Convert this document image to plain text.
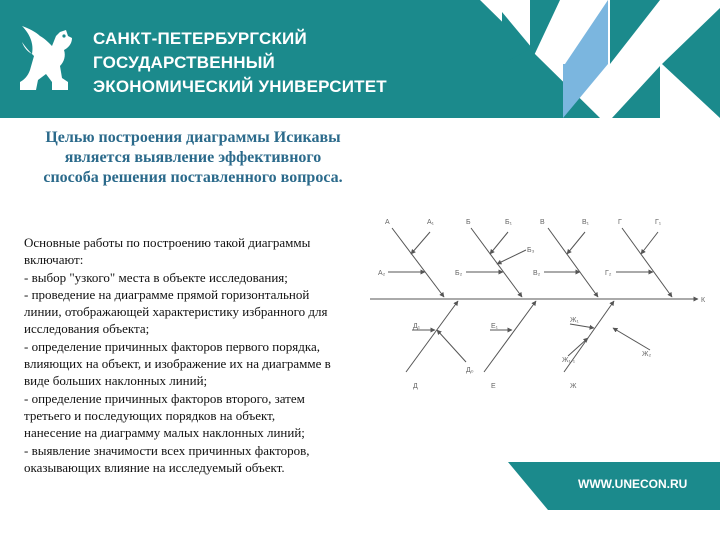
САНКТ-ПЕТЕРБУРГСКИЙ
ГОСУДАРСТВЕННЫЙ
ЭКОНОМИЧЕСКИЙ УНИВЕРСИТЕТ
Целью построения диаграммы Исикавы является выявление эффективного способа решения поставленного вопроса.
Основные работы по построению такой диаграммы
включают:
- выбор "узкого" места в объекте исследования;
- проведение на диаграмме прямой горизонтальной
линии, отображающей характеристику избранного для
исследования объекта;
- определение причинных факторов первого порядка,
влияющих на объект, и изображение их на диаграмме в
виде больших наклонных линий;
- определение причинных факторов второго, затем
третьего и последующих порядков на объект,
нанесение на диаграмму малых наклонных линий;
- выявление значимости всех причинных факторов,
оказывающих влияние на исследуемый объект.
А	А₁
А₂
Б	Б₁
Б₂
Б₃
В	В₁
В₂
Г	Г₁
Г₂
Д
Д₁
Д₀
Е
Е₁
Ж
Ж₁
Ж₁.₁
Ж₂
К
WWW.UNECON.RU
